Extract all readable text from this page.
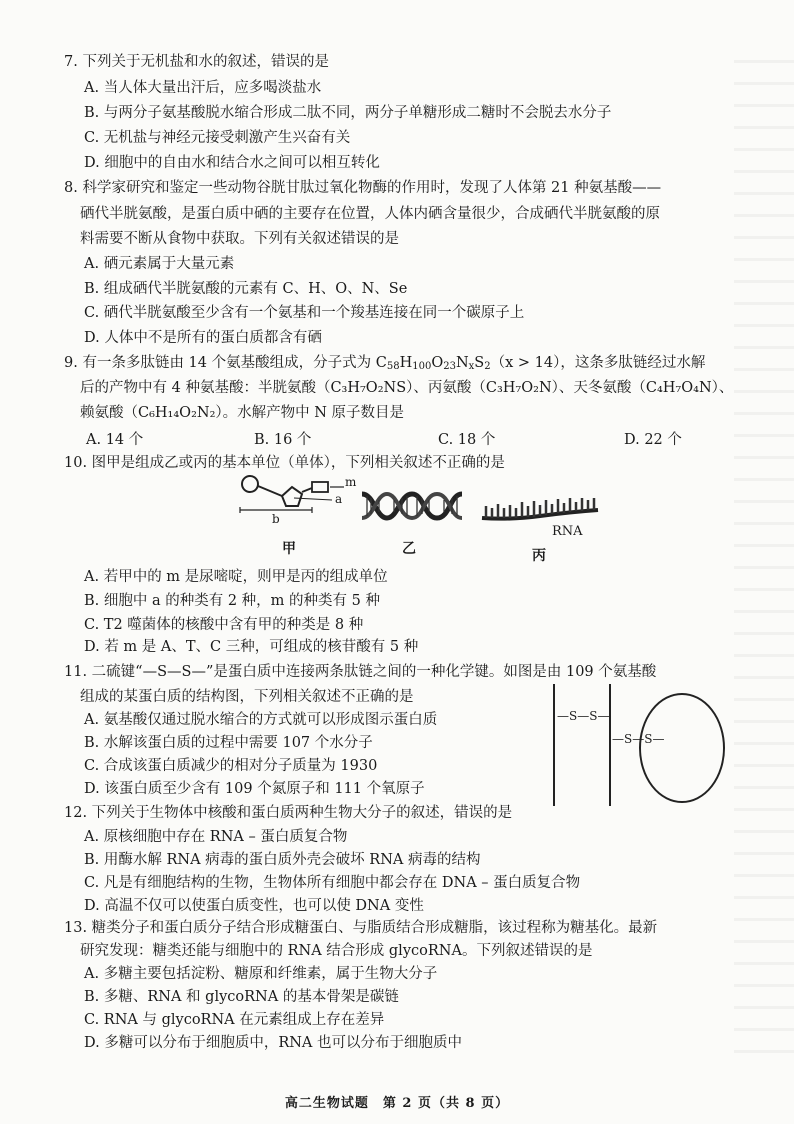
7. 下列关于无机盐和水的叙述，错误的是
A. 当人体大量出汗后，应多喝淡盐水
B. 与两分子氨基酸脱水缩合形成二肽不同，两分子单糖形成二糖时不会脱去水分子
C. 无机盐与神经元接受刺激产生兴奋有关
D. 细胞中的自由水和结合水之间可以相互转化
8. 科学家研究和鉴定一些动物谷胱甘肽过氧化物酶的作用时，发现了人体第 21 种氨基酸——
硒代半胱氨酸，是蛋白质中硒的主要存在位置，人体内硒含量很少，合成硒代半胱氨酸的原
料需要不断从食物中获取。下列有关叙述错误的是
A. 硒元素属于大量元素
B. 组成硒代半胱氨酸的元素有 C、H、O、N、Se
C. 硒代半胱氨酸至少含有一个氨基和一个羧基连接在同一个碳原子上
D. 人体中不是所有的蛋白质都含有硒
9. 有一条多肽链由 14 个氨基酸组成，分子式为 $C_{58}H_{100}O_{23}N_xS_2(x > 14)$，这条多肽链经过水解
后的产物中有 4 种氨基酸：半胱氨酸（C₃H₇O₂NS）、丙氨酸（C₃H₇O₂N）、天冬氨酸（C₄H₇O₄N）、
赖氨酸（C₆H₁₄O₂N₂）。水解产物中 N 原子数目是
A. 14 个	B. 16 个	C. 18 个	D. 22 个
10. 图甲是组成乙或丙的基本单位（单体），下列相关叙述不正确的是
m
a
b
RNA
甲	乙	丙
A. 若甲中的 m 是尿嘧啶，则甲是丙的组成单位
B. 细胞中 a 的种类有 2 种，m 的种类有 5 种
C. T2 噬菌体的核酸中含有甲的种类是 8 种
D. 若 m 是 A、T、C 三种，可组成的核苷酸有 5 种
11. 二硫键“—S—S—”是蛋白质中连接两条肽链之间的一种化学键。如图是由 109 个氨基酸
组成的某蛋白质的结构图，下列相关叙述不正确的是
A. 氨基酸仅通过脱水缩合的方式就可以形成图示蛋白质
B. 水解该蛋白质的过程中需要 107 个水分子
C. 合成该蛋白质减少的相对分子质量为 1930
D. 该蛋白质至少含有 109 个氮原子和 111 个氧原子
—S—S—
—S—S—
12. 下列关于生物体中核酸和蛋白质两种生物大分子的叙述，错误的是
A. 原核细胞中存在 RNA – 蛋白质复合物
B. 用酶水解 RNA 病毒的蛋白质外壳会破坏 RNA 病毒的结构
C. 凡是有细胞结构的生物，生物体所有细胞中都会存在 DNA – 蛋白质复合物
D. 高温不仅可以使蛋白质变性，也可以使 DNA 变性
13. 糖类分子和蛋白质分子结合形成糖蛋白、与脂质结合形成糖脂，该过程称为糖基化。最新
研究发现：糖类还能与细胞中的 RNA 结合形成 glycoRNA。下列叙述错误的是
A. 多糖主要包括淀粉、糖原和纤维素，属于生物大分子
B. 多糖、RNA 和 glycoRNA 的基本骨架是碳链
C. RNA 与 glycoRNA 在元素组成上存在差异
D. 多糖可以分布于细胞质中，RNA 也可以分布于细胞质中
高二生物试题　第 2 页（共 8 页）
